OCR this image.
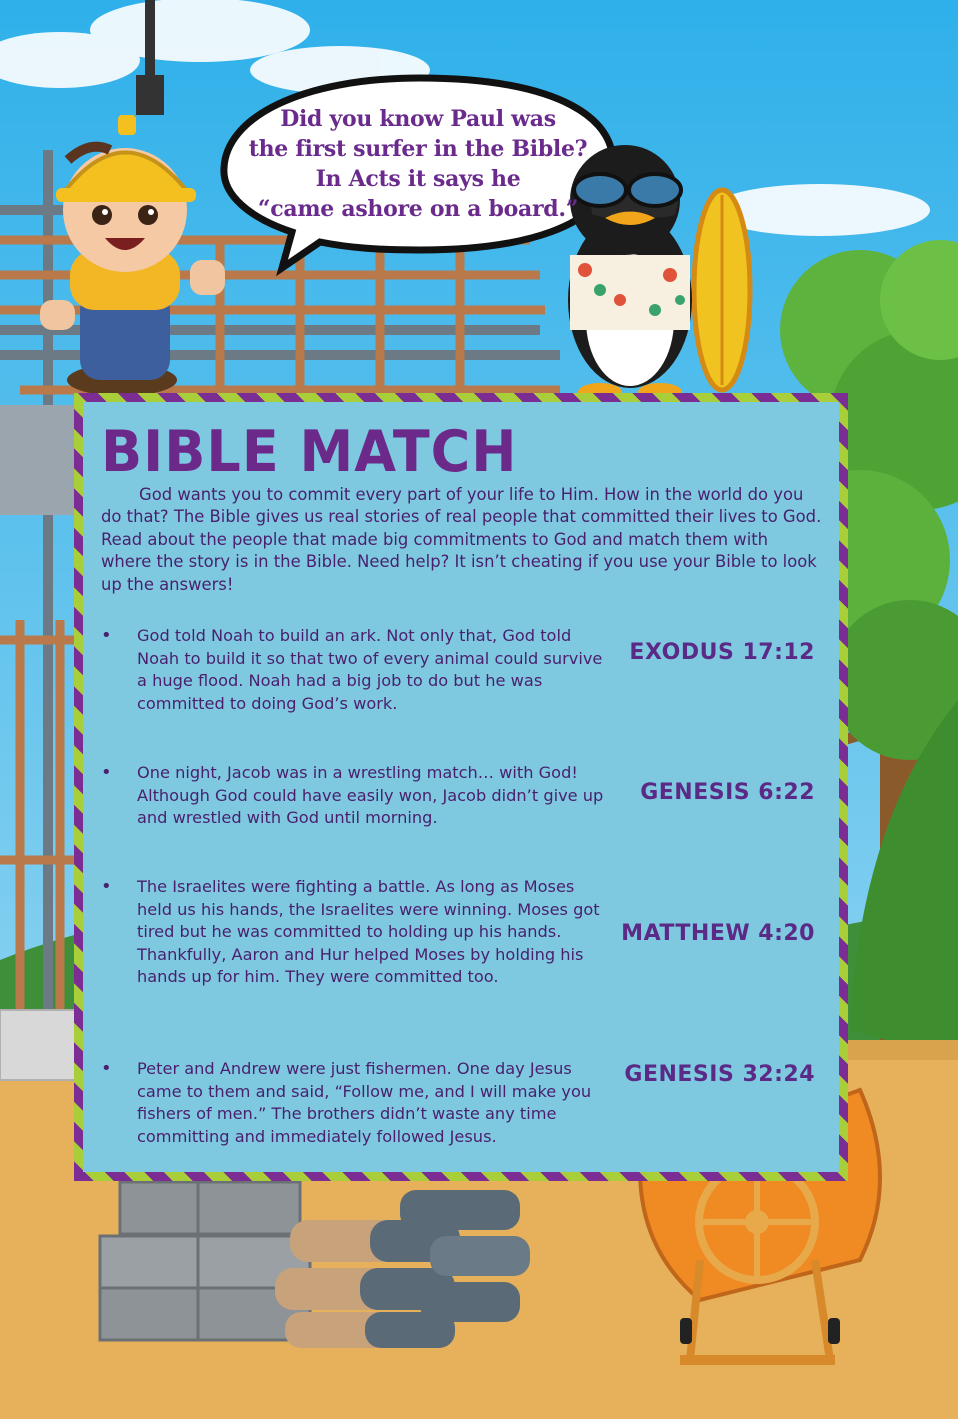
Did you know Paul was
the first surfer in the Bible?
In Acts it says he
“came ashore on a board.”
BIBLE MATCH
God wants you to commit every part of your life to Him. How in the world do you do that? The Bible gives us real stories of real people that committed their lives to God. Read about the people that made big commitments to God and match them with where the story is in the Bible. Need help? It isn’t cheating if you use your Bible to look up the answers!
• God told Noah to build an ark. Not only that, God told Noah to build it so that two of every animal could survive a huge flood. Noah had a big job to do but he was committed to doing God’s work.
• One night, Jacob was in a wrestling match… with God! Although God could have easily won, Jacob didn’t give up and wrestled with God until morning.
• The Israelites were fighting a battle. As long as Moses held us his hands, the Israelites were winning. Moses got tired but he was committed to holding up his hands. Thankfully, Aaron and Hur helped Moses by holding his hands up for him. They were committed too.
• Peter and Andrew were just fishermen. One day Jesus came to them and said, “Follow me, and I will make you fishers of men.” The brothers didn’t waste any time committing and immediately followed Jesus.
EXODUS 17:12
GENESIS 6:22
MATTHEW 4:20
GENESIS 32:24
